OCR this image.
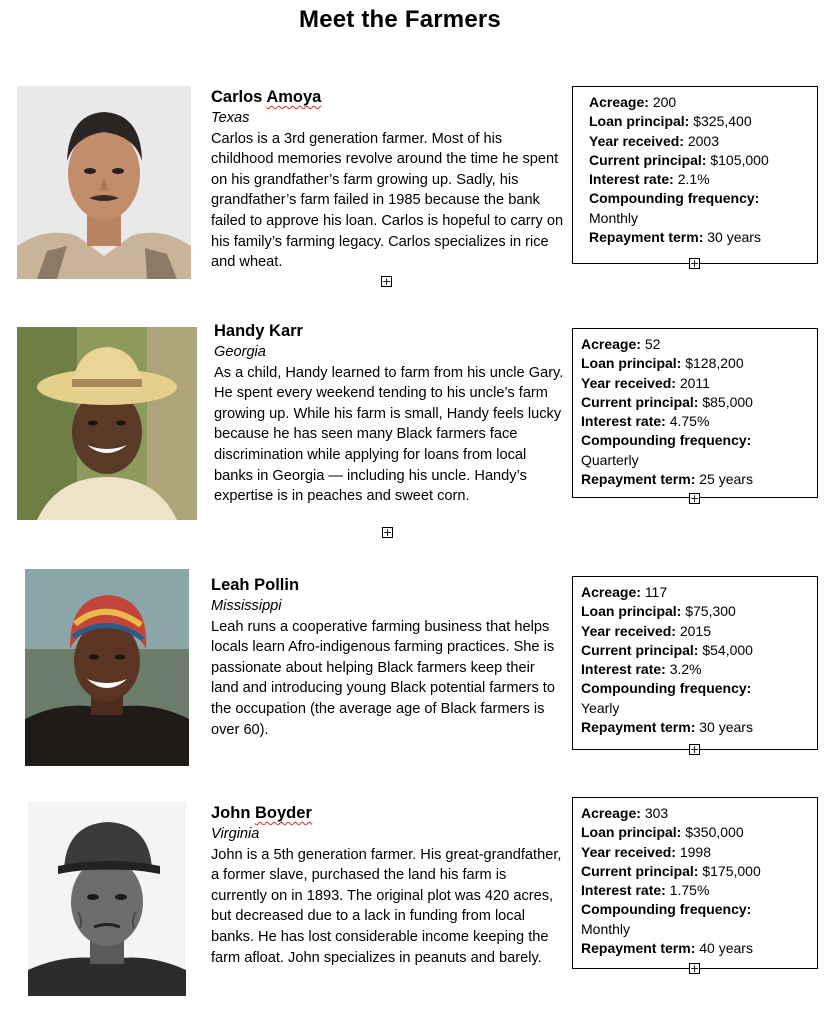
Meet the Farmers
Carlos Amoya
Texas
Carlos is a 3rd generation farmer. Most of his childhood memories revolve around the time he spent on his grandfather’s farm growing up. Sadly, his grandfather’s farm failed in 1985 because the bank failed to approve his loan. Carlos is hopeful to carry on his family’s farming legacy. Carlos specializes in rice and wheat.
+
Acreage: 200
Loan principal: $325,400
Year received: 2003
Current principal: $105,000
Interest rate: 2.1%
Compounding frequency:
Monthly
Repayment term: 30 years
+
Handy Karr
Georgia
As a child, Handy learned to farm from his uncle Gary. He spent every weekend tending to his uncle’s farm growing up. While his farm is small, Handy feels lucky because he has seen many Black farmers face discrimination while applying for loans from local banks in Georgia — including his uncle. Handy’s expertise is in peaches and sweet corn.
+
Acreage: 52
Loan principal: $128,200
Year received: 2011
Current principal: $85,000
Interest rate: 4.75%
Compounding frequency:
Quarterly
Repayment term: 25 years
+
Leah Pollin
Mississippi
Leah runs a cooperative farming business that helps locals learn Afro-indigenous farming practices. She is passionate about helping Black farmers keep their land and introducing young Black potential farmers to the occupation (the average age of Black farmers is over 60).
Acreage: 117
Loan principal: $75,300
Year received: 2015
Current principal: $54,000
Interest rate: 3.2%
Compounding frequency:
Yearly
Repayment term: 30 years
+
John Boyder
Virginia
John is a 5th generation farmer. His great-grandfather, a former slave, purchased the land his farm is currently on in 1893. The original plot was 420 acres, but decreased due to a lack in funding from local banks. He has lost considerable income keeping the farm afloat. John specializes in peanuts and barely.
Acreage: 303
Loan principal: $350,000
Year received: 1998
Current principal: $175,000
Interest rate: 1.75%
Compounding frequency:
Monthly
Repayment term: 40 years
+
